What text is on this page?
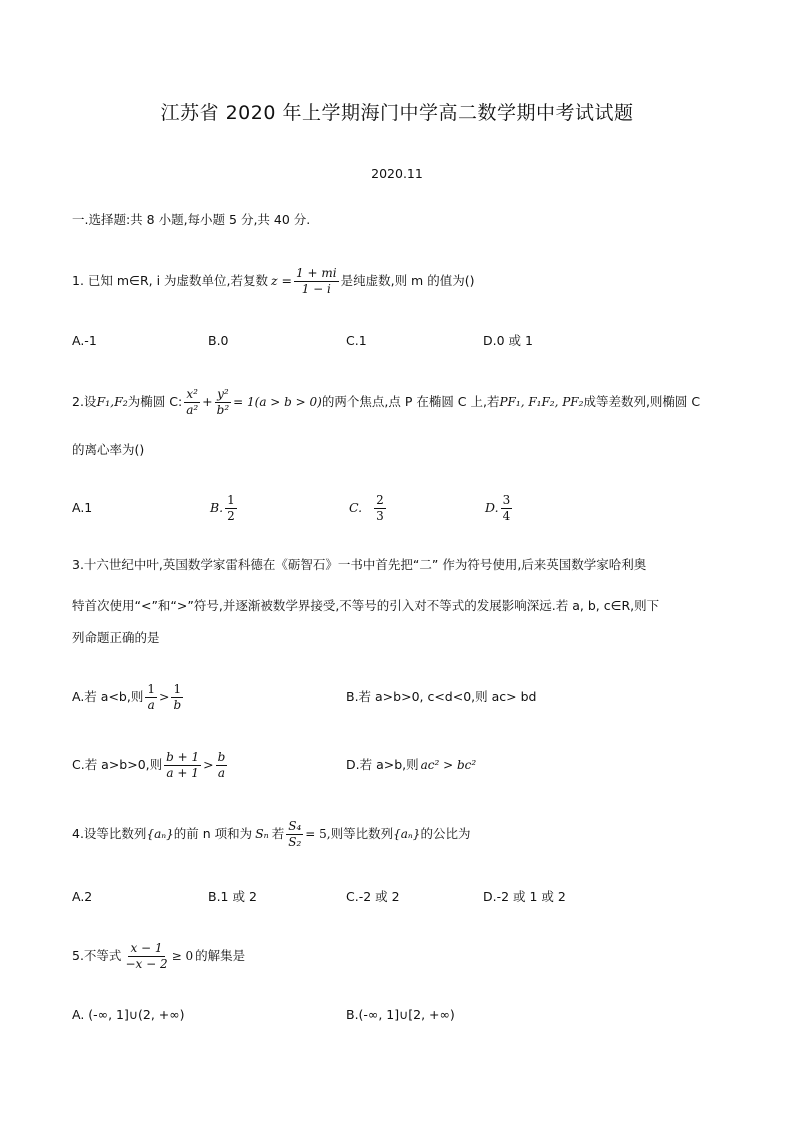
江苏省 2020 年上学期海门中学高二数学期中考试试题
2020.11
一.选择题:共 8 小题,每小题 5 分,共 40 分.
1. 已知 m∈R, i 为虚数单位,若复数 $z = \frac{1 + mi}{1 - i}$ 是纯虚数,则 m 的值为()
A.-1	B.0	C.1	D.0 或 1
2.设 F₁,F₂ 为椭圆 C: $\frac{\text{x²}}{\text{a²}} + \frac{\text{y²}}{\text{b²}} = 1(a > b > 0)$ 的两个焦点,点 P 在椭圆 C 上,若 PF₁, F₁F₂, PF₂ 成等差数列,则椭圆 C
的离心率为()
A.1	B. $\frac{1}{2}$	C. $\frac{2}{3}$	D. $\frac{3}{4}$
3.十六世纪中叶,英国数学家雷科德在《砺智石》一书中首先把“二” 作为符号使用,后来英国数学家哈利奥
特首次使用“<”和“>”符号,并逐渐被数学界接受,不等号的引入对不等式的发展影响深远.若 a, b, c∈R,则下
列命题正确的是
A.若 a<b,则 $\frac{1}{a} > \frac{1}{b}$	B.若 a>b>0, c<d<0,则 ac> bd
C.若 a>b>0,则 $\frac{b + 1}{a + 1} > \frac{b}{a}$	D.若 a>b,则 ac² > bc²
4.设等比数列 {aₙ} 的前 n 项和为 Sₙ 若 $\frac{\text{S₄}}{\text{S₂}} = 5$, 则等比数列 {aₙ} 的公比为
A.2	B.1 或 2	C.-2 或 2	D.-2 或 1 或 2
5.不等式 $\frac{x - 1}{-x - 2} \ge 0$ 的解集是
A. (-∞, 1]∪(2, +∞)	B.(-∞, 1]∪[2, +∞)
